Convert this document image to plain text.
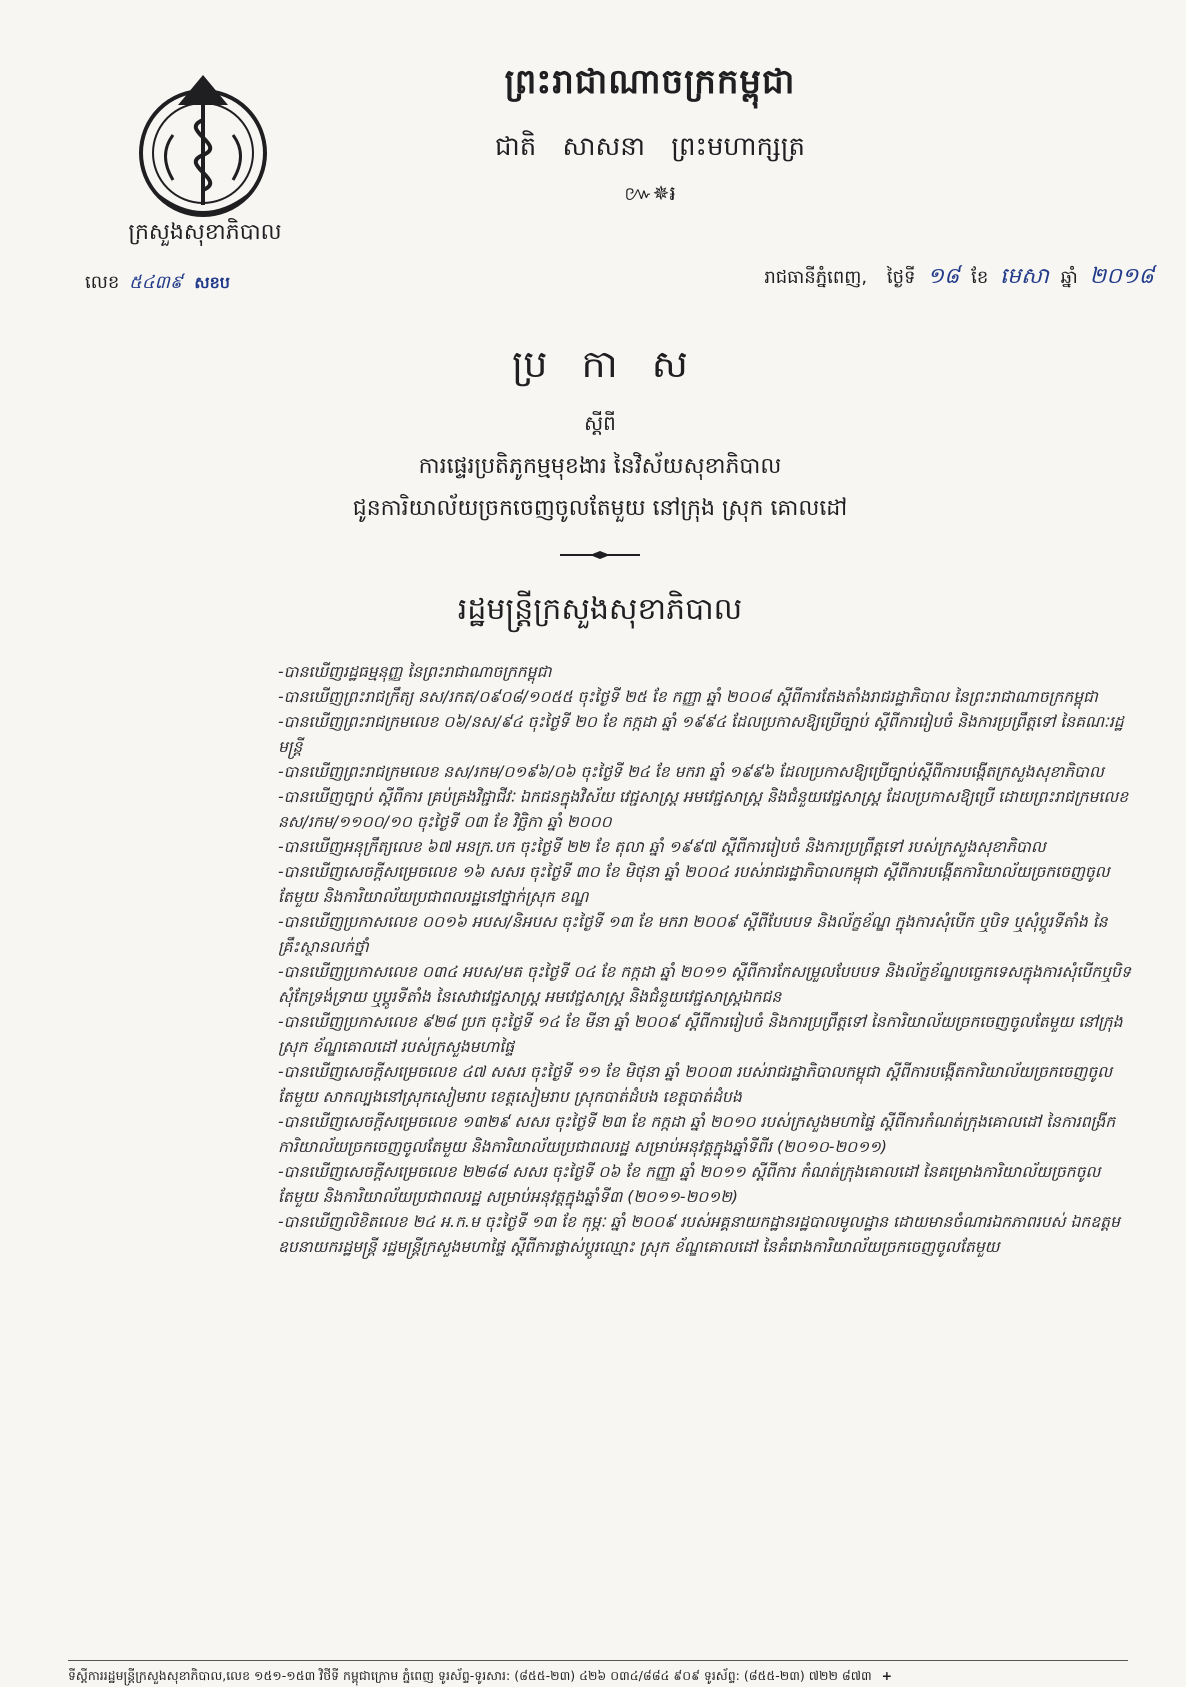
ក្រសួងសុខាភិបាល
លេខ ៥៤៣៩ សខប
ព្រះរាជាណាចក្រកម្ពុជា
ជាតិ សាសនា ព្រះមហាក្សត្រ
៚✵៛
រាជធានីភ្នំពេញ, ថ្ងៃទី ១៨ ខែ មេសា ឆ្នាំ ២០១៨
ប្រ កា ស
ស្តីពី
ការផ្ទេរប្រតិភូកម្មមុខងារ នៃវិស័យសុខាភិបាល
ជូនការិយាល័យច្រកចេញចូលតែមួយ នៅក្រុង ស្រុក គោលដៅ
រដ្ឋមន្ត្រីក្រសួងសុខាភិបាល

-បានឃើញរដ្ឋធម្មនុញ្ញ នៃព្រះរាជាណាចក្រកម្ពុជា

-បានឃើញព្រះរាជក្រឹត្យ នស/រកត/០៩០៨/១០៥៥ ចុះថ្ងៃទី ២៥ ខែ កញ្ញា ឆ្នាំ ២០០៨ ស្តីពីការតែងតាំងរាជរដ្ឋាភិបាល នៃព្រះរាជាណាចក្រកម្ពុជា

-បានឃើញព្រះរាជក្រមលេខ ០៦/នស/៩៤ ចុះថ្ងៃទី ២០ ខែ កក្កដា ឆ្នាំ ១៩៩៤ ដែលប្រកាសឱ្យប្រើច្បាប់ ស្តីពីការរៀបចំ និងការប្រព្រឹត្តទៅ នៃគណៈរដ្ឋមន្ត្រី

-បានឃើញព្រះរាជក្រមលេខ នស/រកម/០១៩៦/០៦ ចុះថ្ងៃទី ២៤ ខែ មករា ឆ្នាំ ១៩៩៦ ដែលប្រកាសឱ្យប្រើច្បាប់ស្តីពីការបង្កើតក្រសួងសុខាភិបាល

-បានឃើញច្បាប់ ស្តីពីការ គ្រប់គ្រងវិជ្ជាជីវៈ ឯកជនក្នុងវិស័យ វេជ្ជសាស្ត្រ អមវេជ្ជសាស្ត្រ និងជំនួយវេជ្ជសាស្ត្រ ដែលប្រកាសឱ្យប្រើ ដោយព្រះរាជក្រមលេខ នស/រកម/១១០០/១០ ចុះថ្ងៃទី ០៣ ខែ វិច្ឆិកា ឆ្នាំ ២០០០

-បានឃើញអនុក្រឹត្យលេខ ៦៧ អនក្រ.បក ចុះថ្ងៃទី ២២ ខែ តុលា ឆ្នាំ ១៩៩៧ ស្តីពីការរៀបចំ និងការប្រព្រឹត្តទៅ របស់ក្រសួងសុខាភិបាល

-បានឃើញសេចក្តីសម្រេចលេខ ១៦ សសរ ចុះថ្ងៃទី ៣០ ខែ មិថុនា ឆ្នាំ ២០០៤ របស់រាជរដ្ឋាភិបាលកម្ពុជា ស្តីពីការបង្កើតការិយាល័យច្រកចេញចូលតែមួយ និងការិយាល័យប្រជាពលរដ្ឋនៅថ្នាក់ស្រុក ខណ្ឌ

-បានឃើញប្រកាសលេខ ០០១៦ អបស/និអបស ចុះថ្ងៃទី ១៣ ខែ មករា ២០០៩ ស្តីពីបែបបទ និងល័ក្ខខ័ណ្ឌ ក្នុងការសុំបើក ឬបិទ ឬសុំប្តូរទីតាំង នៃគ្រឹះស្ថានលក់ថ្នាំ

-បានឃើញប្រកាសលេខ ០៣៤ អបស/មត ចុះថ្ងៃទី ០៤ ខែ កក្កដា ឆ្នាំ ២០១១ ស្តីពីការកែសម្រួលបែបបទ និងល័ក្ខខ័ណ្ឌបច្ចេកទេសក្នុងការសុំបើកឬបិទ សុំកែទ្រង់ទ្រាយ ឬប្តូរទីតាំង នៃសេវាវេជ្ជសាស្ត្រ អមវេជ្ជសាស្ត្រ និងជំនួយវេជ្ជសាស្ត្រឯកជន

-បានឃើញប្រកាសលេខ ៩២៨ ប្រក ចុះថ្ងៃទី ១៤ ខែ មីនា ឆ្នាំ ២០០៩ ស្តីពីការរៀបចំ និងការប្រព្រឹត្តទៅ នៃការិយាល័យច្រកចេញចូលតែមួយ នៅក្រុង ស្រុក ខ័ណ្ឌគោលដៅ របស់ក្រសួងមហាផ្ទៃ

-បានឃើញសេចក្តីសម្រេចលេខ ៤៧ សសរ ចុះថ្ងៃទី ១១ ខែ មិថុនា ឆ្នាំ ២០០៣ របស់រាជរដ្ឋាភិបាលកម្ពុជា ស្តីពីការបង្កើតការិយាល័យច្រកចេញចូលតែមួយ សាកល្បងនៅស្រុកសៀមរាប ខេត្តសៀមរាប ស្រុកបាត់ដំបង ខេត្តបាត់ដំបង

-បានឃើញសេចក្តីសម្រេចលេខ ១៣២៩ សសរ ចុះថ្ងៃទី ២៣ ខែ កក្កដា ឆ្នាំ ២០១០ របស់ក្រសួងមហាផ្ទៃ ស្តីពីការកំណត់ក្រុងគោលដៅ នៃការពង្រីកការិយាល័យច្រកចេញចូលតែមួយ និងការិយាល័យប្រជាពលរដ្ឋ សម្រាប់អនុវត្តក្នុងឆ្នាំទីពីរ (២០១០-២០១១)

-បានឃើញសេចក្តីសម្រេចលេខ ២២៨៨ សសរ ចុះថ្ងៃទី ០៦ ខែ កញ្ញា ឆ្នាំ ២០១១ ស្តីពីការ កំណត់ក្រុងគោលដៅ នៃគម្រោងការិយាល័យច្រកចូលតែមួយ និងការិយាល័យប្រជាពលរដ្ឋ សម្រាប់អនុវត្តក្នុងឆ្នាំទី៣ (២០១១-២០១២)

-បានឃើញលិខិតលេខ ២៤ អ.ក.ម ចុះថ្ងៃទី ១៣ ខែ កុម្ភៈ ឆ្នាំ ២០០៩ របស់អគ្គនាយកដ្ឋានរដ្ឋបាលមូលដ្ឋាន ដោយមានចំណារឯកភាពរបស់ ឯកឧត្តមឧបនាយករដ្ឋមន្ត្រី រដ្ឋមន្ត្រីក្រសួងមហាផ្ទៃ ស្តីពីការផ្លាស់ប្តូរឈ្មោះ ស្រុក ខ័ណ្ឌគោលដៅ នៃគំរោងការិយាល័យច្រកចេញចូលតែមួយ

ទីស្តីការរដ្ឋមន្ត្រីក្រសួងសុខាភិបាល,លេខ ១៥១-១៥៣ វិថីទី កម្ពុជាក្រោម ភ្នំពេញ ទូរស័ព្ទ-ទូរសារ: (៨៥៥-២៣) ៤២៦ ០៣៤/៨៨៤ ៩០៩ ទូរស័ព្ទ: (៨៥៥-២៣) ៧២២ ៨៧៣ +
